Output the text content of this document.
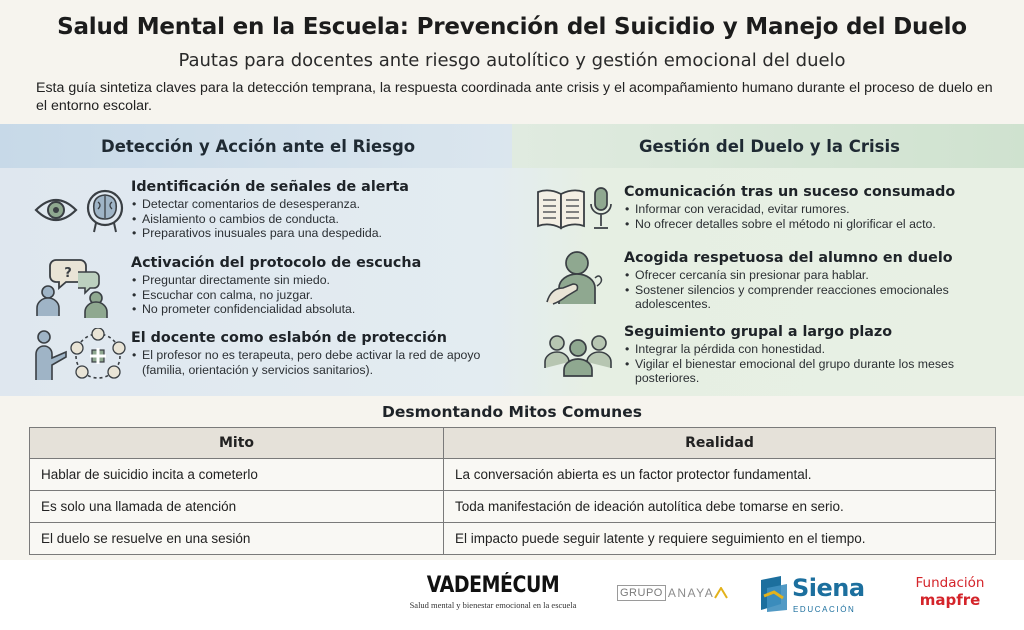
Salud Mental en la Escuela: Prevención del Suicidio y Manejo del Duelo
Pautas para docentes ante riesgo autolítico y gestión emocional del duelo
Esta guía sintetiza claves para la detección temprana, la respuesta coordinada ante crisis y el acompañamiento humano durante el proceso de duelo en el entorno escolar.
Detección y Acción ante el Riesgo	Gestión del Duelo y la Crisis
?
Identificación de señales de alerta
• Detectar comentarios de desesperanza.
• Aislamiento o cambios de conducta.
• Preparativos inusuales para una despedida.
Activación del protocolo de escucha
• Preguntar directamente sin miedo.
• Escuchar con calma, no juzgar.
• No prometer confidencialidad absoluta.
El docente como eslabón de protección
• El profesor no es terapeuta, pero debe activar la red de apoyo (familia, orientación y servicios sanitarios).
Comunicación tras un suceso consumado
• Informar con veracidad, evitar rumores.
• No ofrecer detalles sobre el método ni glorificar el acto.
Acogida respetuosa del alumno en duelo
• Ofrecer cercanía sin presionar para hablar.
• Sostener silencios y comprender reacciones emocionales adolescentes.
Seguimiento grupal a largo plazo
• Integrar la pérdida con honestidad.
• Vigilar el bienestar emocional del grupo durante los meses posteriores.
Desmontando Mitos Comunes
Mito	Realidad
Hablar de suicidio incita a cometerlo	La conversación abierta es un factor protector fundamental.
Es solo una llamada de atención	Toda manifestación de ideación autolítica debe tomarse en serio.
El duelo se resuelve en una sesión	El impacto puede seguir latente y requiere seguimiento en el tiempo.
VADEMÉCUM
Salud mental y bienestar emocional en la escuela
GRUPO ANAYA	Siena
EDUCACIÓN
Fundación
mapfre
